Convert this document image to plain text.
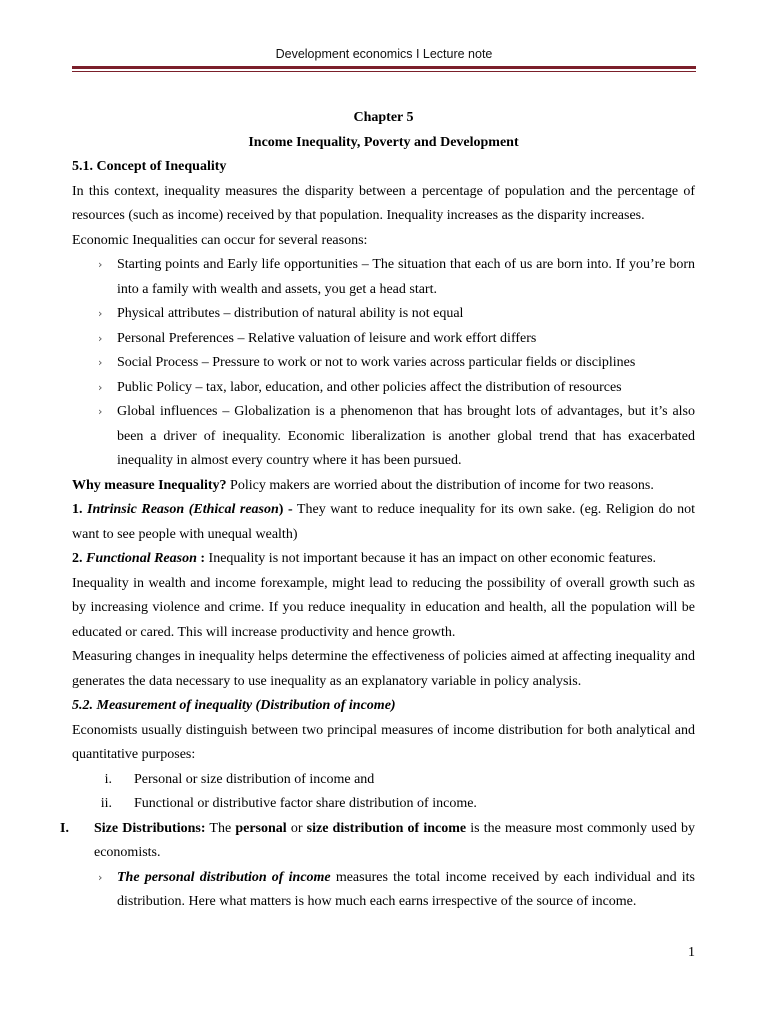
Development economics I Lecture note
Chapter 5
Income Inequality, Poverty and Development
5.1. Concept of Inequality
In this context, inequality measures the disparity between a percentage of population and the percentage of resources (such as income) received by that population. Inequality increases as the disparity increases.
Economic Inequalities can occur for several reasons:
› Starting points and Early life opportunities – The situation that each of us are born into. If you’re born into a family with wealth and assets, you get a head start.
› Physical attributes – distribution of natural ability is not equal
› Personal Preferences – Relative valuation of leisure and work effort differs
› Social Process – Pressure to work or not to work varies across particular fields or disciplines
› Public Policy – tax, labor, education, and other policies affect the distribution of resources
› Global influences – Globalization is a phenomenon that has brought lots of advantages, but it’s also been a driver of inequality. Economic liberalization is another global trend that has exacerbated inequality in almost every country where it has been pursued.
Why measure Inequality? Policy makers are worried about the distribution of income for two reasons.
1. Intrinsic Reason (Ethical reason) - They want to reduce inequality for its own sake. (eg. Religion do not want to see people with unequal wealth)
2. Functional Reason : Inequality is not important because it has an impact on other economic features.
Inequality in wealth and income forexample, might lead to reducing the possibility of overall growth such as by increasing violence and crime. If you reduce inequality in education and health, all the population will be educated or cared. This will increase productivity and hence growth.
Measuring changes in inequality helps determine the effectiveness of policies aimed at affecting inequality and generates the data necessary to use inequality as an explanatory variable in policy analysis.
5.2. Measurement of inequality (Distribution of income)
Economists usually distinguish between two principal measures of income distribution for both analytical and quantitative purposes:
i. Personal or size distribution of income and
ii. Functional or distributive factor share distribution of income.
I. Size Distributions: The personal or size distribution of income is the measure most commonly used by economists.
› The personal distribution of income measures the total income received by each individual and its distribution. Here what matters is how much each earns irrespective of the source of income.
1
